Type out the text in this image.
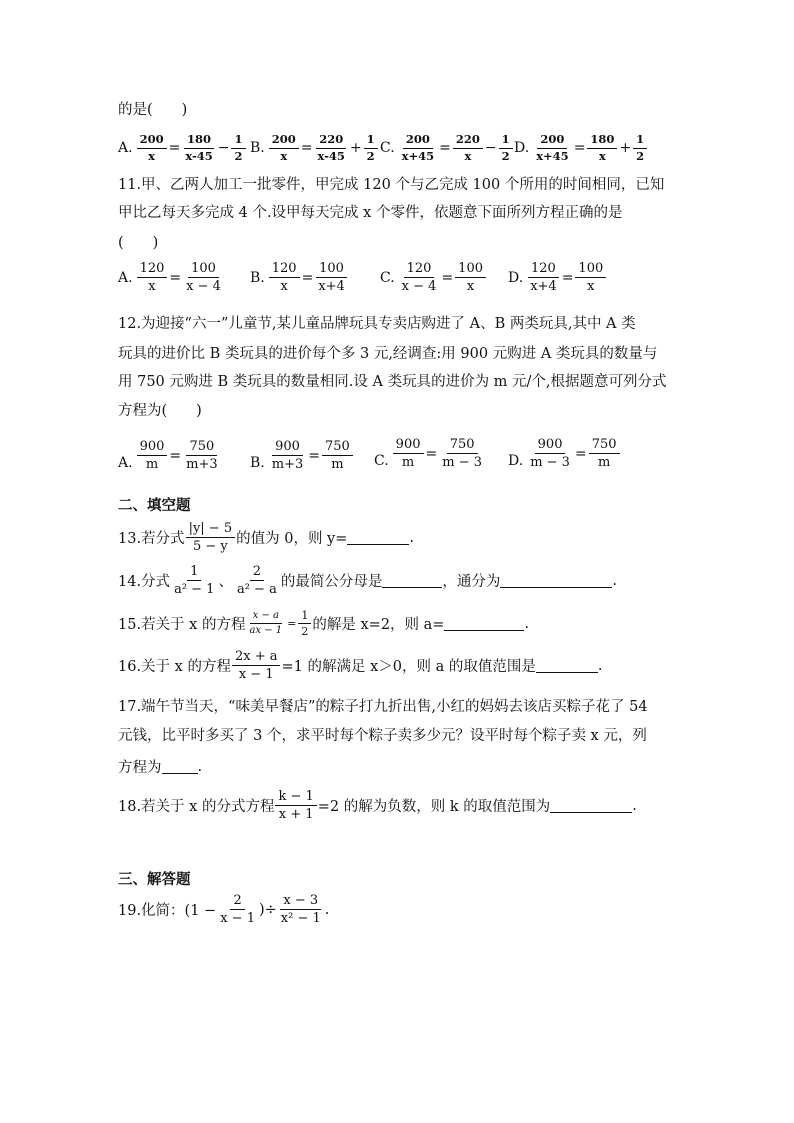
的是(　　)
A. $\frac{200}{x} = \frac{180}{x-45} - \frac{1}{2} B$. $\frac{200}{x} = \frac{220}{x-45} + \frac{1}{2} C$. $\frac{200}{x+45} = \frac{220}{x} - \frac{1}{2} D$. $\frac{200}{x+45} = \frac{180}{x} + \frac{1}{2}$
11.甲、乙两人加工一批零件，甲完成 120 个与乙完成 100 个所用的时间相同，已知
甲比乙每天多完成 4 个.设甲每天完成 x 个零件，依题意下面所列方程正确的是
(　　)
A. $\frac{120}{x} = \frac{100}{x - 4} B$. $\frac{120}{x} = \frac{100}{x+4} C$. $\frac{120}{x - 4} = \frac{100}{x} D$. $\frac{120}{x+4} = \frac{100}{x}$
12.为迎接“六一”儿童节,某儿童品牌玩具专卖店购进了 A、B 两类玩具,其中 A 类
玩具的进价比 B 类玩具的进价每个多 3 元,经调查:用 900 元购进 A 类玩具的数量与
用 750 元购进 B 类玩具的数量相同.设 A 类玩具的进价为 m 元/个,根据题意可列分式
方程为(　　)
A. $\frac{900}{m} = \frac{750}{m+3} B$. $\frac{900}{m+3} = \frac{750}{m} C$. $\frac{900}{m} = \frac{750}{m - 3} D$. $\frac{900}{m - 3} = \frac{750}{m}$
二、填空题
13.若分式 $\frac{|y| - 5}{5 - y}$ 的值为 0，则 y=	.
14.分式 $\frac{1}{\text{a² − 1}}$ 、 $\frac{2}{\text{a² − a}}$ 的最简公分母是	，通分为	.
15.若关于 x 的方程 $\frac{x - a}{ax - 1} = \frac{1}{2}$ 的解是 x=2，则 a=	.
16.关于 x 的方程 $\frac{2x + a}{x - 1} =1$ 的解满足 x＞0，则 a 的取值范围是	.
17.端午节当天，“味美早餐店”的粽子打九折出售,小红的妈妈去该店买粽子花了 54
元钱，比平时多买了 3 个，求平时每个粽子卖多少元？设平时每个粽子卖 x 元，列
方程为 .
18.若关于 x 的分式方程 $\frac{k - 1}{x + 1} =2$ 的解为负数，则 k 的取值范围为	.
三、解答题
19.化简：($1 - \frac{2}{x - 1}$ )÷ $\frac{x - 3}{\text{x² − 1}}$ .
